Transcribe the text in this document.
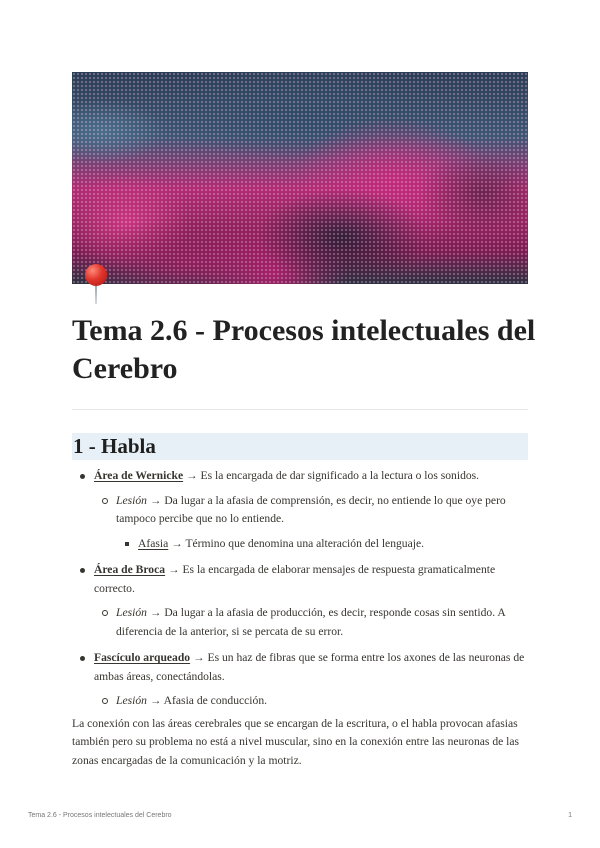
Tema 2.6 - Procesos intelectuales del Cerebro
1 - Habla
Área de Wernicke → Es la encargada de dar significado a la lectura o los sonidos.
Lesión → Da lugar a la afasia de comprensión, es decir, no entiende lo que oye pero tampoco percibe que no lo entiende.
Afasia → Término que denomina una alteración del lenguaje.
Área de Broca → Es la encargada de elaborar mensajes de respuesta gramaticalmente correcto.
Lesión → Da lugar a la afasia de producción, es decir, responde cosas sin sentido. A diferencia de la anterior, si se percata de su error.
Fascículo arqueado → Es un haz de fibras que se forma entre los axones de las neuronas de ambas áreas, conectándolas.
Lesión → Afasia de conducción.

La conexión con las áreas cerebrales que se encargan de la escritura, o el habla provocan afasias también pero su problema no está a nivel muscular, sino en la conexión entre las neuronas de las zonas encargadas de la comunicación y la motriz.

Tema 2.6 - Procesos intelectuales del Cerebro	1
